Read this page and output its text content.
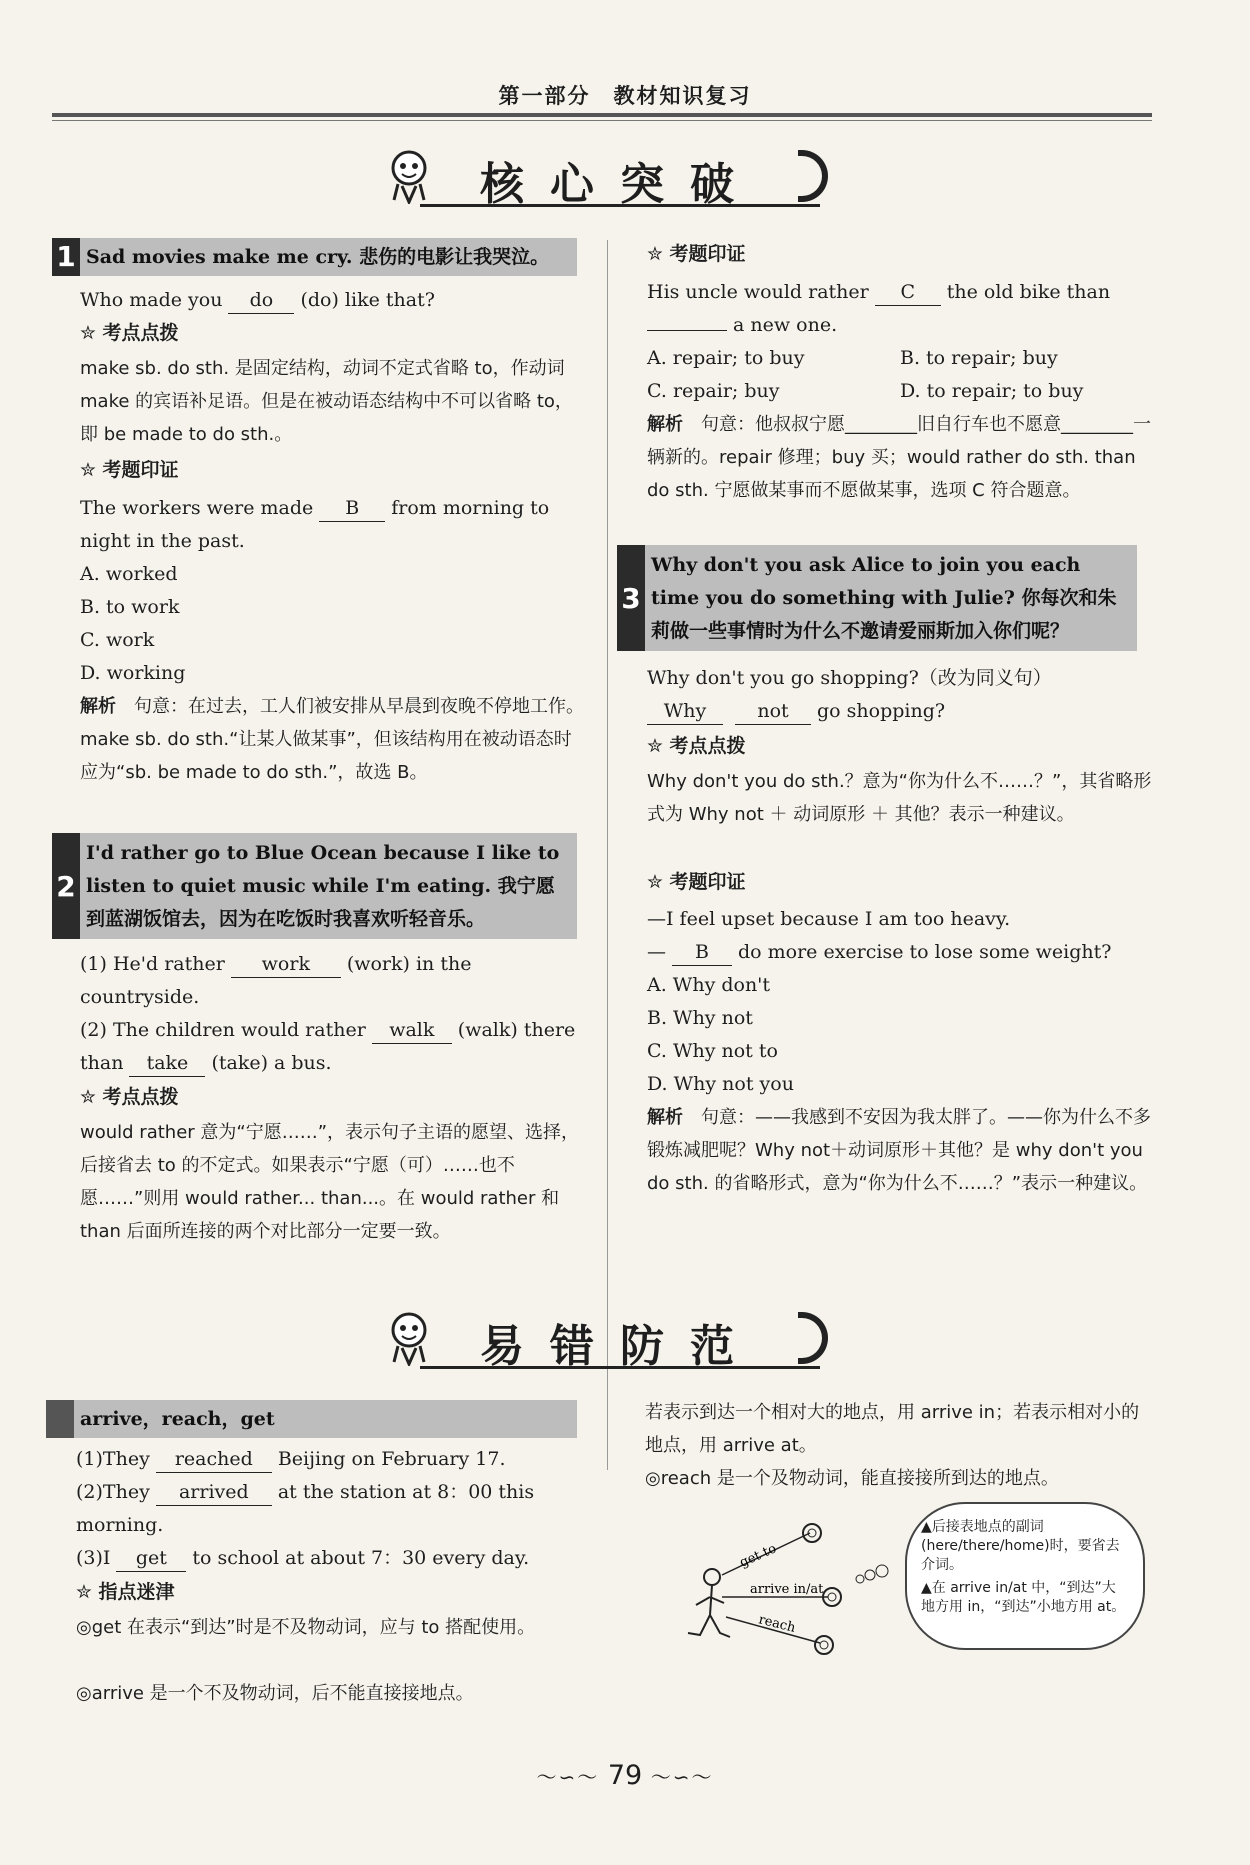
第一部分　教材知识复习
核心突破
1 Sad movies make me cry. 悲伤的电影让我哭泣。
Who made you do (do) like that?
✮ 考点点拨
make sb. do sth. 是固定结构，动词不定式省略 to，作动词 make 的宾语补足语。但是在被动语态结构中不可以省略 to，即 be made to do sth.。
✮ 考题印证
The workers were made B from morning to night in the past.
A. worked
B. to work
C. work
D. working
解析　 句意：在过去，工人们被安排从早晨到夜晚不停地工作。make sb. do sth.“让某人做某事”，但该结构用在被动语态时应为“sb. be made to do sth.”，故选 B。
2
I'd rather go to Blue Ocean because I like to listen to quiet music while I'm eating. 我宁愿到蓝湖饭馆去，因为在吃饭时我喜欢听轻音乐。
(1) He'd rather work (work) in the countryside.
(2) The children would rather walk (walk) there than take (take) a bus.
✮ 考点点拨
would rather 意为“宁愿……”，表示句子主语的愿望、选择，后接省去 to 的不定式。如果表示“宁愿（可）……也不愿……”则用 would rather... than...。在 would rather 和 than 后面所连接的两个对比部分一定要一致。
✮ 考题印证
His uncle would rather C the old bike than
a new one.
A. repair; to buy	B. to repair; buy
C. repair; buy	D. to repair; to buy
解析　 句意：他叔叔宁愿________旧自行车也不愿意________一辆新的。repair 修理；buy 买；would rather do sth. than do sth. 宁愿做某事而不愿做某事，选项 C 符合题意。
3
Why don't you ask Alice to join you each time you do something with Julie? 你每次和朱莉做一些事情时为什么不邀请爱丽斯加入你们呢？
Why don't you go shopping?（改为同义句）
Why	not go shopping?
✮ 考点点拨
Why don't you do sth.？意为“你为什么不……？”，其省略形式为 Why not ＋ 动词原形 ＋ 其他？表示一种建议。
✮ 考题印证
—I feel upset because I am too heavy.
— B do more exercise to lose some weight?
A. Why don't
B. Why not
C. Why not to
D. Why not you
解析　 句意：——我感到不安因为我太胖了。——你为什么不多锻炼减肥呢？Why not＋动词原形＋其他？是 why don't you do sth. 的省略形式，意为“你为什么不……？”表示一种建议。
易错防范
arrive，reach，get
(1)They reached Beijing on February 17.
(2)They arrived at the station at 8：00 this morning.
(3)I get to school at about 7：30 every day.
✮ 指点迷津
◎get 在表示“到达”时是不及物动词，应与 to 搭配使用。
◎arrive 是一个不及物动词，后不能直接接地点。
若表示到达一个相对大的地点，用 arrive in；若表示相对小的地点，用 arrive at。
◎reach 是一个及物动词，能直接接所到达的地点。
get to
arrive in/at
reach
▲后接表地点的副词(here/there/home)时，要省去介词。
▲在 arrive in/at 中，“到达”大地方用 in，“到达”小地方用 at。
〜∽〜 79 〜∽〜
